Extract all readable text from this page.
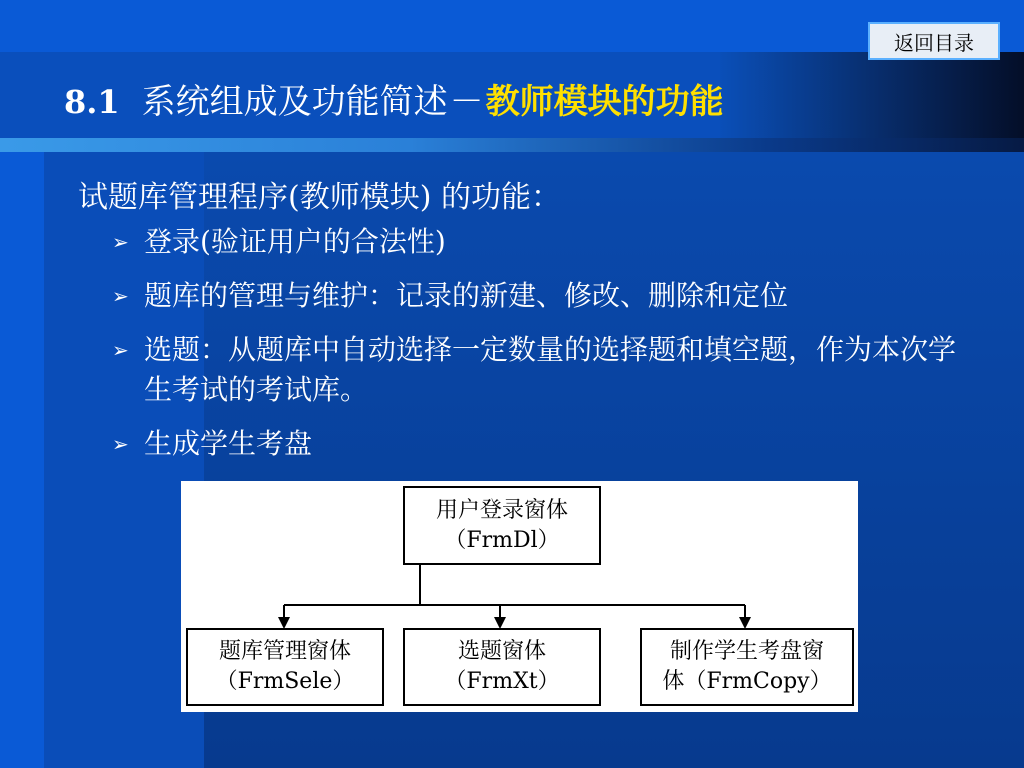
返回目录
8.1 系统组成及功能简述 － 教师模块的功能
试题库管理程序(教师模块) 的功能：
➢ 登录(验证用户的合法性)
➢ 题库的管理与维护：记录的新建、修改、删除和定位
➢ 选题：从题库中自动选择一定数量的选择题和填空题，作为本次学生考试的考试库。
➢ 生成学生考盘
用户登录窗体
（FrmDl）
题库管理窗体
（FrmSele）
选题窗体
（FrmXt）
制作学生考盘窗
体（FrmCopy）
